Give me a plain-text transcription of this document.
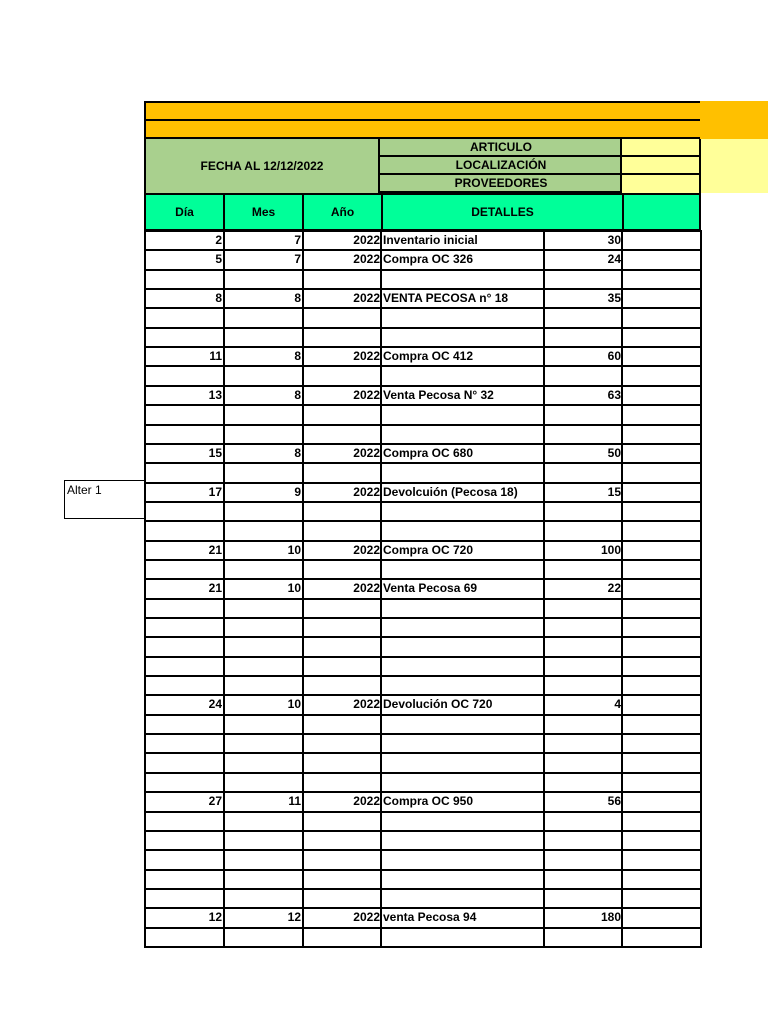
FECHA AL 12/12/2022
ARTICULO
LOCALIZACIÓN
PROVEEDORES
Día	Mes	Año	DETALLES
2	7	2022 Inventario inicial	30
5	7	2022 Compra OC 326	24
8	8	2022 VENTA PECOSA n° 18	35
11	8	2022 Compra OC 412	60
13	8	2022 Venta Pecosa N° 32	63
15	8	2022 Compra OC 680	50
17	9	2022 Devolcuión (Pecosa 18)	15
21	10	2022 Compra OC 720	100
21	10	2022 Venta Pecosa 69	22
24	10	2022 Devolución OC 720	4
27	11	2022 Compra OC 950	56
12	12	2022 venta Pecosa 94	180
Alter 1
